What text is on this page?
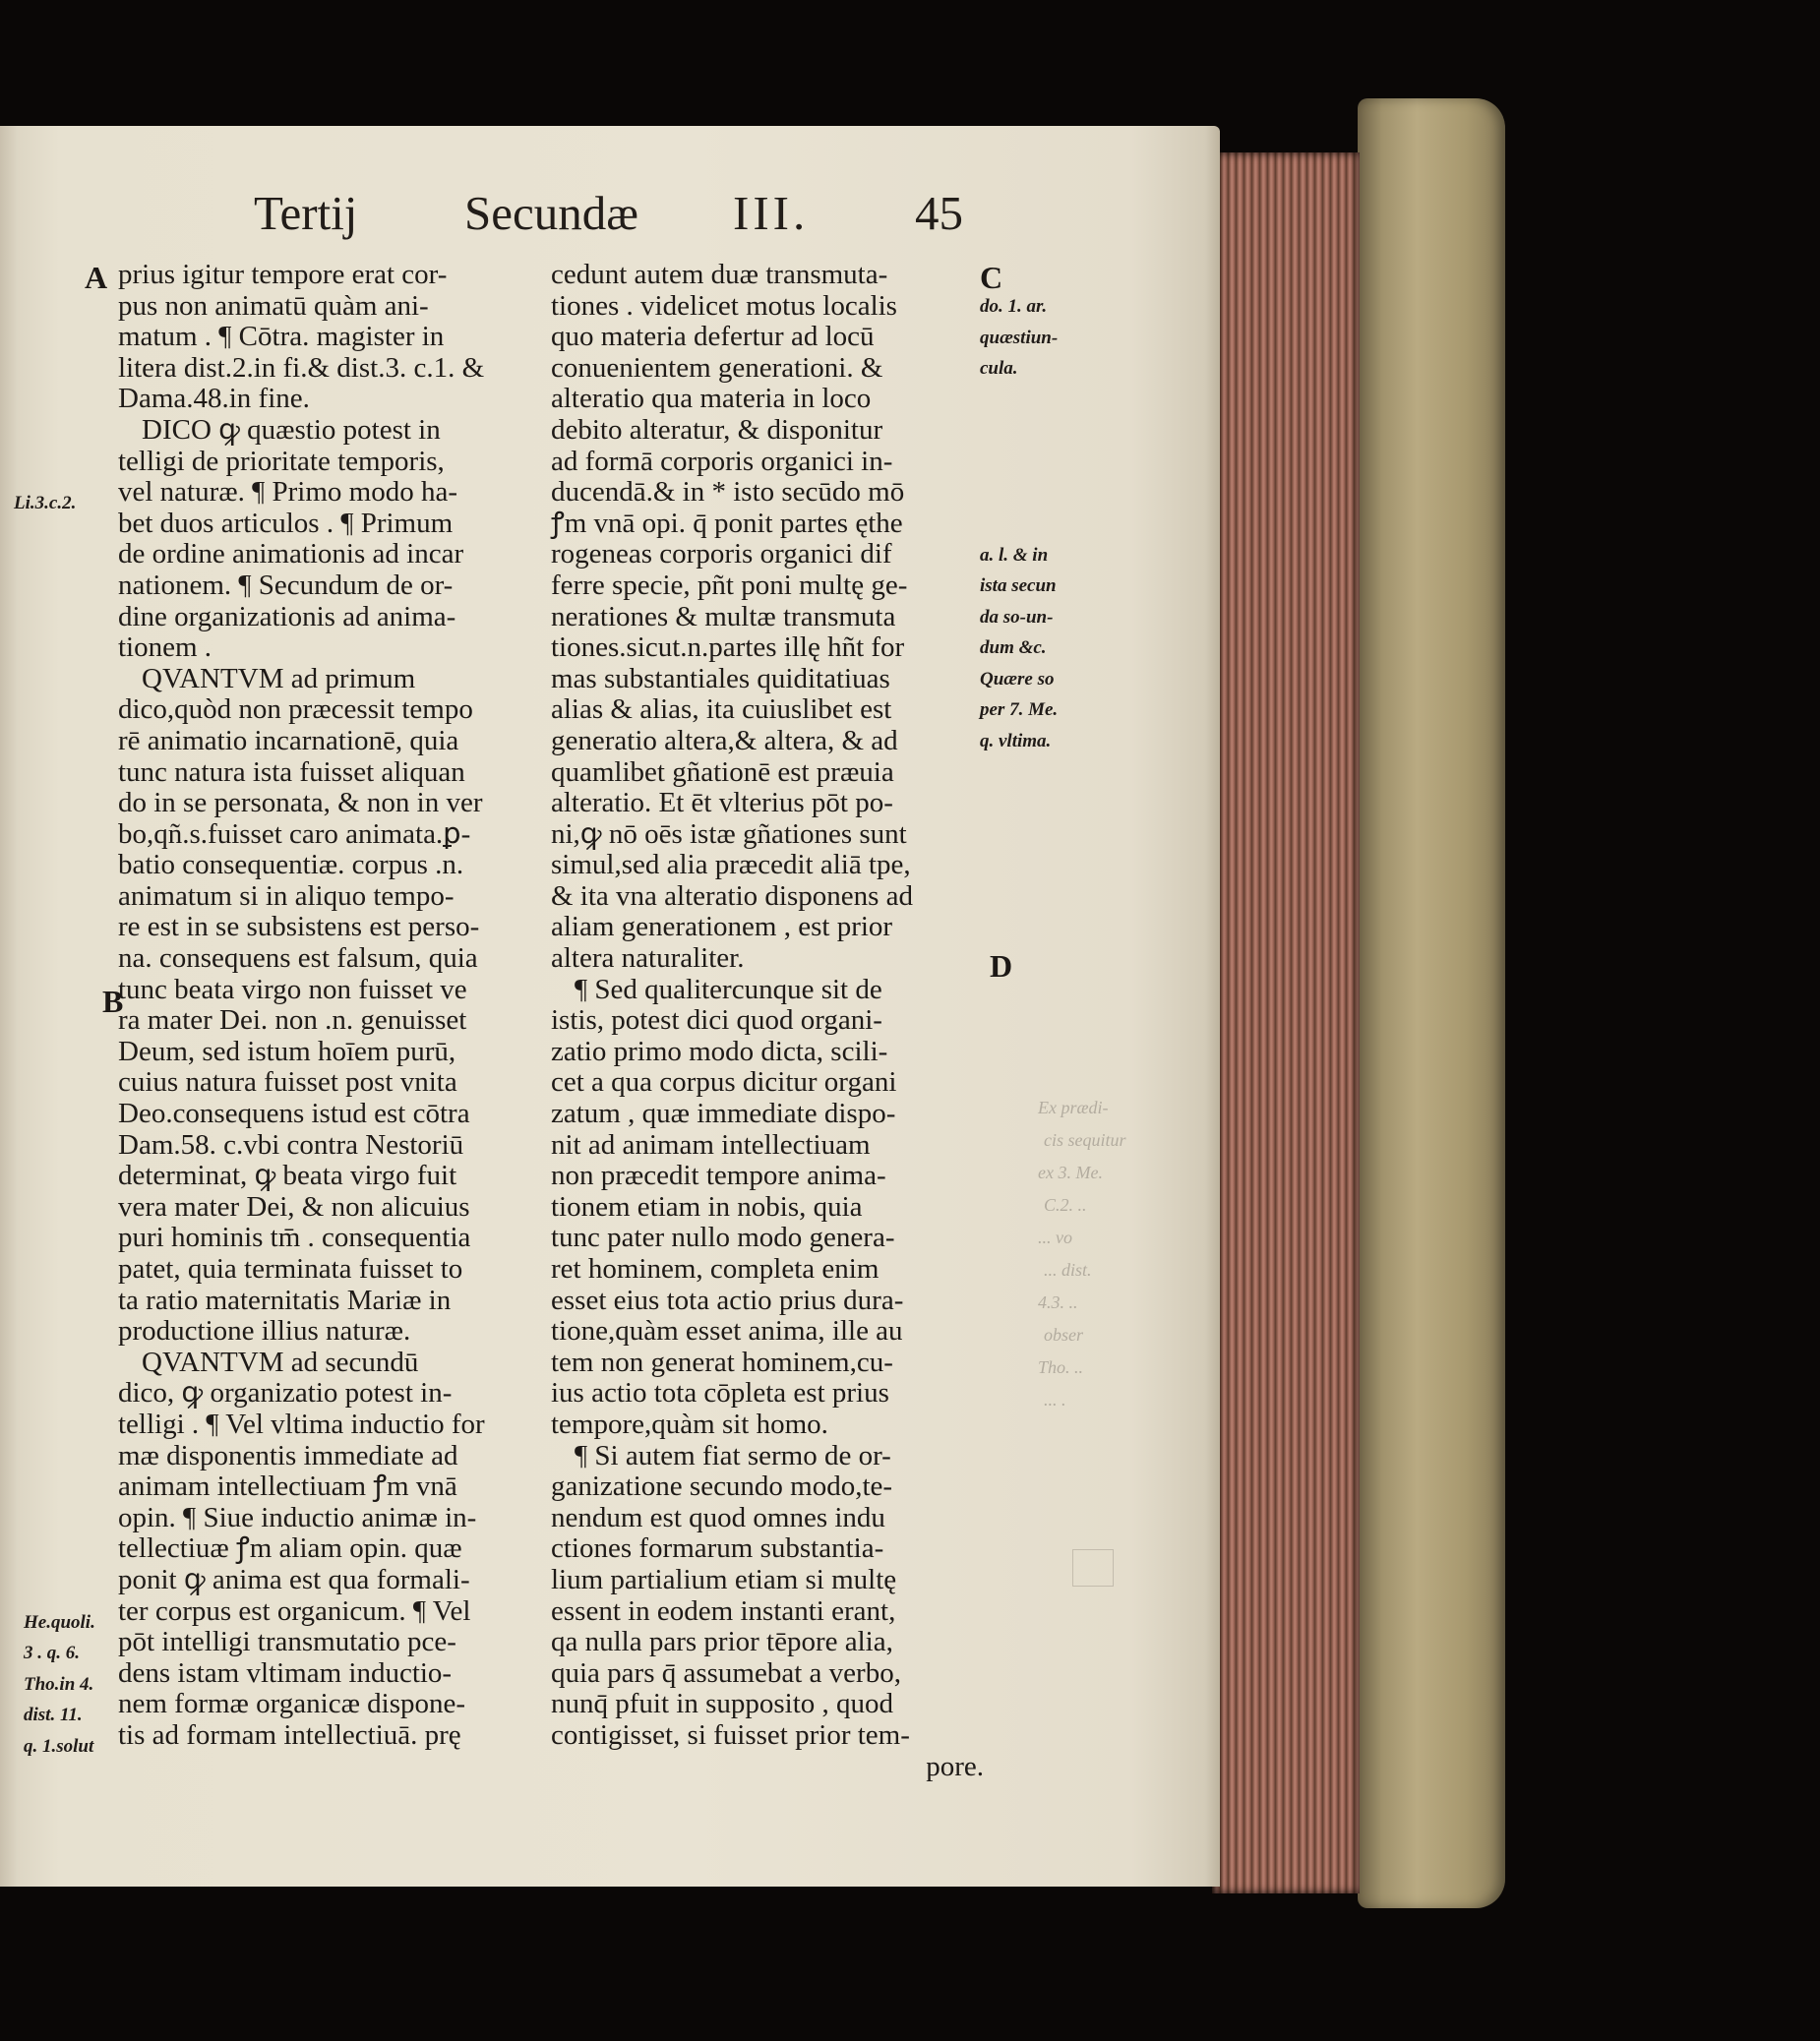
Tertij Secundæ III. 45
prius igitur tempore erat cor-
pus non animatū quàm ani-
matum . ¶ Cōtra. magister in
litera dist.2.in fi.& dist.3. c.1. &
Dama.48.in fine.
DICO ꝙ quæstio potest in
telligi de prioritate temporis,
vel naturæ. ¶ Primo modo ha-
bet duos articulos . ¶ Primum
de ordine animationis ad incar
nationem. ¶ Secundum de or-
dine organizationis ad anima-
tionem .
QVANTVM ad primum
dico,quòd non præcessit tempo
rē animatio incarnationē, quia
tunc natura ista fuisset aliquan
do in se personata, & non in ver
bo,qñ.s.fuisset caro animata.ꝑ-
batio consequentiæ. corpus .n.
animatum si in aliquo tempo-
re est in se subsistens est perso-
na. consequens est falsum, quia
tunc beata virgo non fuisset ve
ra mater Dei. non .n. genuisset
Deum, sed istum hoīem purū,
cuius natura fuisset post vnita
Deo.consequens istud est cōtra
Dam.58. c.vbi contra Nestoriū
determinat, ꝙ beata virgo fuit
vera mater Dei, & non alicuius
puri hominis tm̄ . consequentia
patet, quia terminata fuisset to
ta ratio maternitatis Mariæ in
productione illius naturæ.
QVANTVM ad secundū
dico, ꝙ organizatio potest in-
telligi . ¶ Vel vltima inductio for
mæ disponentis immediate ad
animam intellectiuam ꝭm vnā
opin. ¶ Siue inductio animæ in-
tellectiuæ ꝭm aliam opin. quæ
ponit ꝙ anima est qua formali-
ter corpus est organicum. ¶ Vel
pōt intelligi transmutatio pce-
dens istam vltimam inductio-
nem formæ organicæ dispone-
tis ad formam intellectiuā. prę
cedunt autem duæ transmuta-
tiones . videlicet motus localis
quo materia defertur ad locū
conuenientem generationi. &
alteratio qua materia in loco
debito alteratur, & disponitur
ad formā corporis organici in-
ducendā.& in * isto secūdo mō
ꝭm vnā opi. q̄ ponit partes ęthe
rogeneas corporis organici dif
ferre specie, pñt poni multę ge-
nerationes & multæ transmuta
tiones.sicut.n.partes illę hñt for
mas substantiales quiditatiuas
alias & alias, ita cuiuslibet est
generatio altera,& altera, & ad
quamlibet gñationē est præuia
alteratio. Et ēt vlterius pōt po-
ni,ꝙ nō oēs istæ gñationes sunt
simul,sed alia præcedit aliā tpe,
& ita vna alteratio disponens ad
aliam generationem , est prior
altera naturaliter.
¶ Sed qualitercunque sit de
istis, potest dici quod organi-
zatio primo modo dicta, scili-
cet a qua corpus dicitur organi
zatum , quæ immediate dispo-
nit ad animam intellectiuam
non præcedit tempore anima-
tionem etiam in nobis, quia
tunc pater nullo modo genera-
ret hominem, completa enim
esset eius tota actio prius dura-
tione,quàm esset anima, ille au
tem non generat hominem,cu-
ius actio tota cōpleta est prius
tempore,quàm sit homo.
¶ Si autem fiat sermo de or-
ganizatione secundo modo,te-
nendum est quod omnes indu
ctiones formarum substantia-
lium partialium etiam si multę
essent in eodem instanti erant,
qa nulla pars prior tēpore alia,
quia pars q̄ assumebat a verbo,
nunq̄ pfuit in supposito , quod
contigisset, si fuisset prior tem-
pore.
A
B
C
D
Li.3.c.2.
He.quoli.
3 . q. 6.
Tho.in 4.
dist. 11.
q. 1.solut
do. 1. ar.
quæstiun-
cula.
a. l. & in
ista secun
da so-un-
dum &c.
Quære so
per 7. Me.
q. vltima.
Ex prædi-
cis sequitur
ex 3. Me.
C.2. ..
... vo
... dist.
4.3. ..
obser
Tho. ..
... .
